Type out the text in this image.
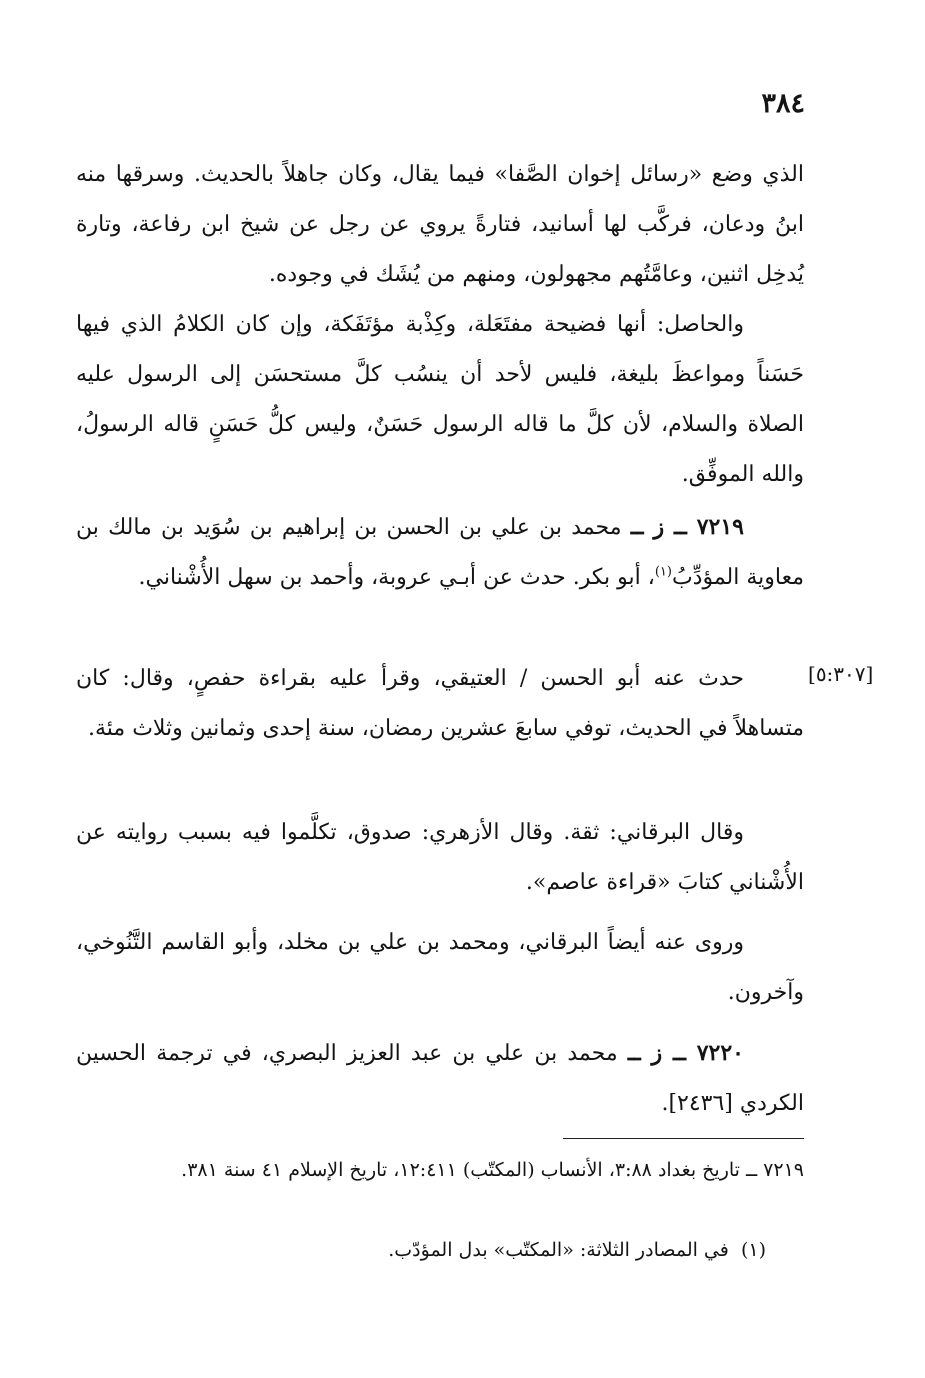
٣٨٤

الذي وضع «رسائل إخوان الصَّفا» فيما يقال، وكان جاهلاً بالحديث. وسرقها منه ابنُ ودعان، فركَّب لها أسانيد، فتارةً يروي عن رجل عن شيخ ابن رفاعة، وتارة يُدخِل اثنين، وعامَّتُهم مجهولون، ومنهم من يُشَك في وجوده.

والحاصل: أنها فضيحة مفتَعَلة، وكِذْبة مؤتَفَكة، وإن كان الكلامُ الذي فيها حَسَناً ومواعظَ بليغة، فليس لأحد أن ينسُب كلَّ مستحسَن إلى الرسول عليه الصلاة والسلام، لأن كلَّ ما قاله الرسول حَسَنٌ، وليس كلُّ حَسَنٍ قاله الرسولُ، والله الموفِّق.

٧٢١٩ ــ ز ــ محمد بن علي بن الحسن بن إبراهيم بن سُوَيد بن مالك بن معاوية المؤدِّبُ$^{(١)}$، أبو بكر. حدث عن أبـي عروبة، وأحمد بن سهل الأُشْناني.

[٥:٣٠٧]

حدث عنه أبو الحسن / العتيقي، وقرأ عليه بقراءة حفصٍ، وقال: كان متساهلاً في الحديث، توفي سابعَ عشرين رمضان، سنة إحدى وثمانين وثلاث مئة.

وقال البرقاني: ثقة. وقال الأزهري: صدوق، تكلَّموا فيه بسبب روايته عن الأُشْناني كتابَ «قراءة عاصم».

وروى عنه أيضاً البرقاني، ومحمد بن علي بن مخلد، وأبو القاسم التَّنُوخي، وآخرون.

٧٢٢٠ ــ ز ــ محمد بن علي بن عبد العزيز البصري، في ترجمة الحسين الكردي [٢٤٣٦].

٧٢١٩ ــ تاريخ بغداد ٣:٨٨، الأنساب (المكتّب) ١٢:٤١١، تاريخ الإسلام ٤١ سنة ٣٨١.

(١)  في المصادر الثلاثة: «المكتّب» بدل المؤدّب.
